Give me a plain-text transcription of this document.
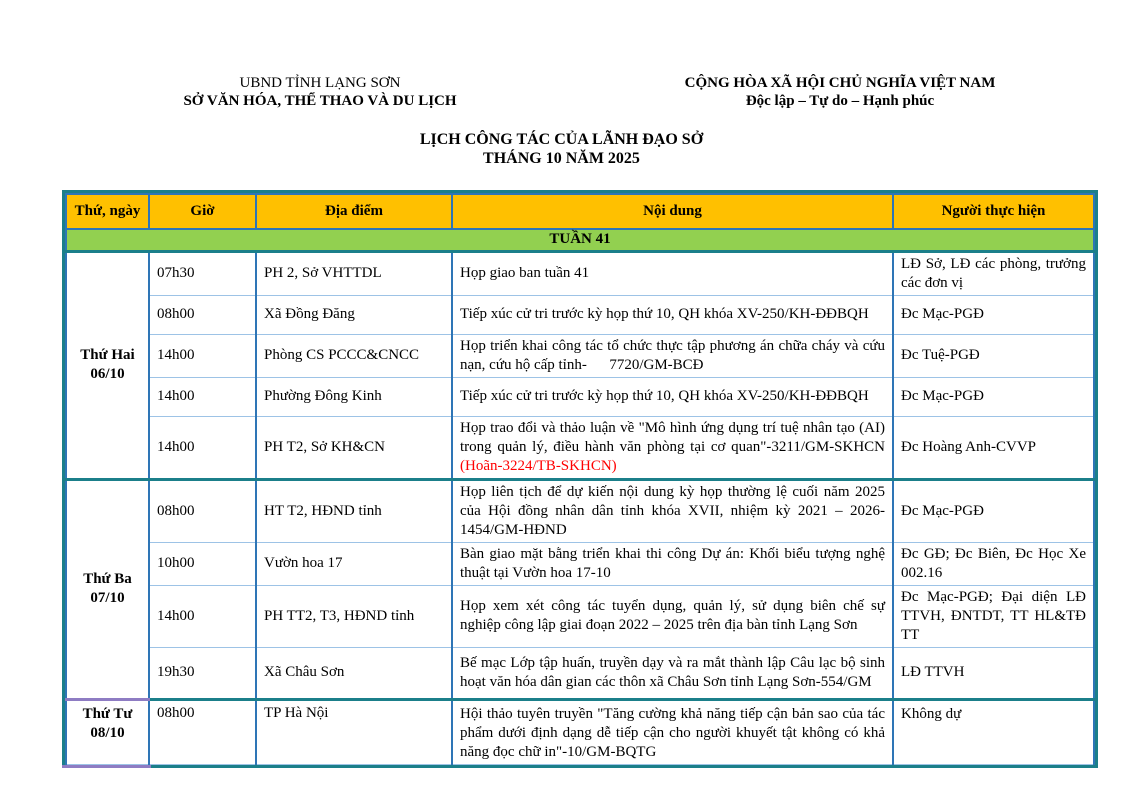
UBND TỈNH LẠNG SƠN
SỞ VĂN HÓA, THỂ THAO VÀ DU LỊCH
CỘNG HÒA XÃ HỘI CHỦ NGHĨA VIỆT NAM
Độc lập – Tự do – Hạnh phúc
LỊCH CÔNG TÁC CỦA LÃNH ĐẠO SỞ
THÁNG 10 NĂM 2025
Thứ, ngày	Giờ	Địa điểm	Nội dung	Người thực hiện
TUẦN 41				

Thứ Hai
06/10	07h30	PH 2, Sở VHTTDL	Họp giao ban tuần 41	LĐ Sở, LĐ các phòng, trưởng các đơn vị
	08h00	Xã Đồng Đăng	Tiếp xúc cử tri trước kỳ họp thứ 10, QH khóa XV-250/KH-ĐĐBQH	Đc Mạc-PGĐ
	14h00	Phòng CS PCCC&CNCC	Họp triển khai công tác tổ chức thực tập phương án chữa cháy và cứu nạn, cứu hộ cấp tỉnh-      7720/GM-BCĐ	Đc Tuệ-PGĐ
	14h00	Phường Đông Kinh	Tiếp xúc cử tri trước kỳ họp thứ 10, QH khóa XV-250/KH-ĐĐBQH	Đc Mạc-PGĐ
	14h00	PH T2, Sở KH&CN	Họp trao đổi và thảo luận về "Mô hình ứng dụng trí tuệ nhân tạo (AI) trong quản lý, điều hành văn phòng tại cơ quan"-3211/GM-SKHCN (Hoãn-3224/TB-SKHCN)	Đc Hoàng Anh-CVVP

Thứ Ba
07/10	08h00	HT T2, HĐND tỉnh	Họp liên tịch để dự kiến nội dung kỳ họp thường lệ cuối năm 2025 của Hội đồng nhân dân tỉnh khóa XVII, nhiệm kỳ 2021 – 2026-1454/GM-HĐND	Đc Mạc-PGĐ
	10h00	Vườn hoa 17	Bàn giao mặt bằng triển khai thi công Dự án: Khối biểu tượng nghệ thuật tại Vườn hoa 17-10	Đc GĐ; Đc Biên, Đc Học Xe 002.16
	14h00	PH TT2, T3, HĐND tỉnh	Họp xem xét công tác tuyển dụng, quản lý, sử dụng biên chế sự nghiệp công lập giai đoạn 2022 – 2025 trên địa bàn tỉnh Lạng Sơn	Đc Mạc-PGĐ; Đại diện LĐ TTVH, ĐNTDT, TT HL&TĐ TT
	19h30	Xã Châu Sơn	Bế mạc Lớp tập huấn, truyền dạy và ra mắt thành lập Câu lạc bộ sinh hoạt văn hóa dân gian các thôn xã Châu Sơn tỉnh Lạng Sơn-554/GM	LĐ TTVH

Thứ Tư
08/10	08h00	TP Hà Nội	Hội thảo tuyên truyền "Tăng cường khả năng tiếp cận bản sao của tác phẩm dưới định dạng dễ tiếp cận cho người khuyết tật không có khả năng đọc chữ in"-10/GM-BQTG	Không dự
